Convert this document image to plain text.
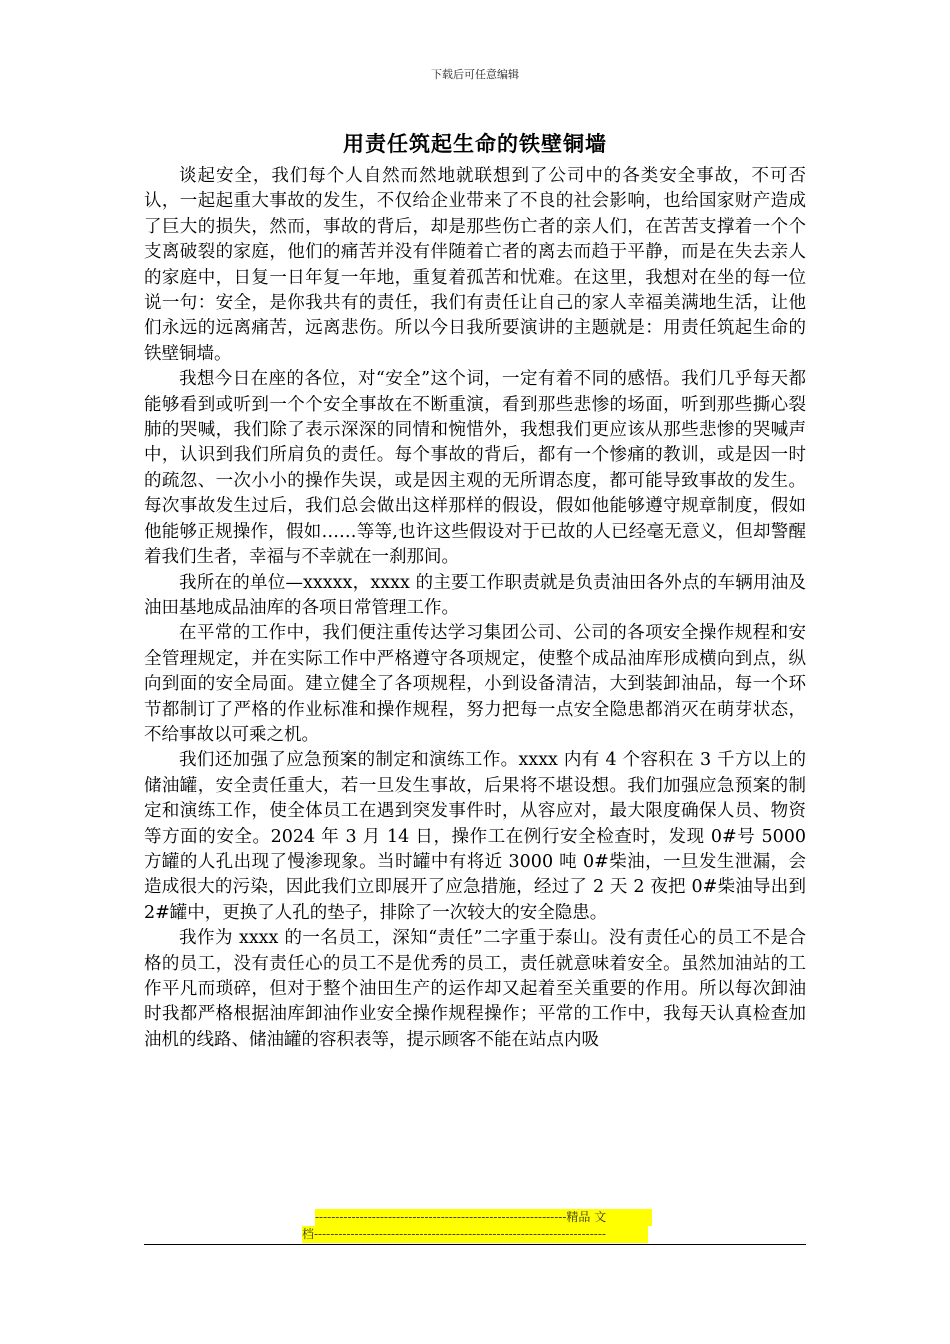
下载后可任意编辑
用责任筑起生命的铁壁铜墙

谈起安全，我们每个人自然而然地就联想到了公司中的各类安全事故，不可否认，一起起重大事故的发生，不仅给企业带来了不良的社会影响，也给国家财产造成了巨大的损失，然而，事故的背后，却是那些伤亡者的亲人们，在苦苦支撑着一个个支离破裂的家庭，他们的痛苦并没有伴随着亡者的离去而趋于平静，而是在失去亲人的家庭中，日复一日年复一年地，重复着孤苦和忧难。在这里，我想对在坐的每一位说一句：安全，是你我共有的责任，我们有责任让自己的家人幸福美满地生活，让他们永远的远离痛苦，远离悲伤。所以今日我所要演讲的主题就是：用责任筑起生命的铁壁铜墙。

我想今日在座的各位，对“安全”这个词，一定有着不同的感悟。我们几乎每天都能够看到或听到一个个安全事故在不断重演，看到那些悲惨的场面，听到那些撕心裂肺的哭喊，我们除了表示深深的同情和惋惜外，我想我们更应该从那些悲惨的哭喊声中，认识到我们所肩负的责任。每个事故的背后，都有一个惨痛的教训，或是因一时的疏忽、一次小小的操作失误，或是因主观的无所谓态度，都可能导致事故的发生。每次事故发生过后，我们总会做出这样那样的假设，假如他能够遵守规章制度，假如他能够正规操作，假如……等等,也许这些假设对于已故的人已经毫无意义，但却警醒着我们生者，幸福与不幸就在一刹那间。

我所在的单位—xxxxx，xxxx 的主要工作职责就是负责油田各外点的车辆用油及油田基地成品油库的各项日常管理工作。

在平常的工作中，我们便注重传达学习集团公司、公司的各项安全操作规程和安全管理规定，并在实际工作中严格遵守各项规定，使整个成品油库形成横向到点，纵向到面的安全局面。建立健全了各项规程，小到设备清洁，大到装卸油品，每一个环节都制订了严格的作业标准和操作规程，努力把每一点安全隐患都消灭在萌芽状态，不给事故以可乘之机。

我们还加强了应急预案的制定和演练工作。xxxx 内有 4 个容积在 3 千方以上的储油罐，安全责任重大，若一旦发生事故，后果将不堪设想。我们加强应急预案的制定和演练工作，使全体员工在遇到突发事件时，从容应对，最大限度确保人员、物资等方面的安全。2024 年 3 月 14 日，操作工在例行安全检查时，发现 0#号 5000 方罐的人孔出现了慢渗现象。当时罐中有将近 3000 吨 0#柴油，一旦发生泄漏，会造成很大的污染，因此我们立即展开了应急措施，经过了 2 天 2 夜把 0#柴油导出到 2#罐中，更换了人孔的垫子，排除了一次较大的安全隐患。

我作为 xxxx 的一名员工，深知“责任”二字重于泰山。没有责任心的员工不是合格的员工，没有责任心的员工不是优秀的员工，责任就意味着安全。虽然加油站的工作平凡而琐碎，但对于整个油田生产的运作却又起着至关重要的作用。所以每次卸油时我都严格根据油库卸油作业安全操作规程操作；平常的工作中，我每天认真检查加油机的线路、储油罐的容积表等，提示顾客不能在站点内吸

--------------------------------------------------------------精品 文
档------------------------------------------------------------------------
